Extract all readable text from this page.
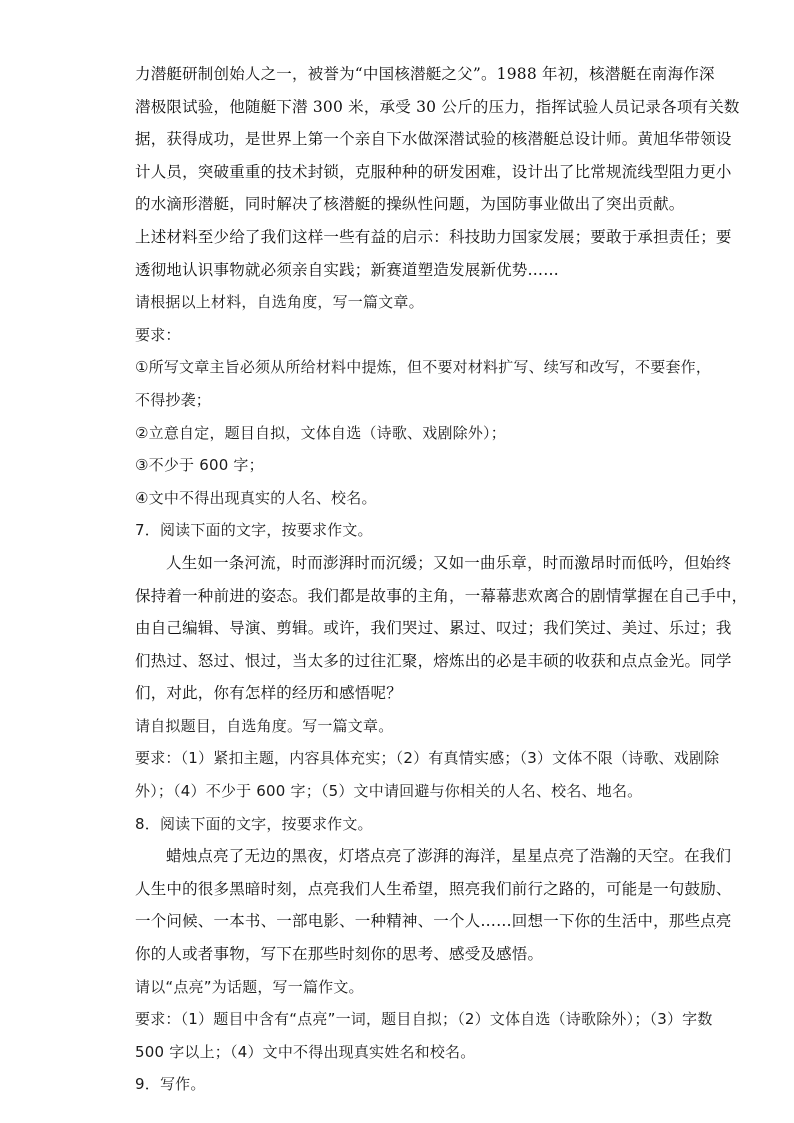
力潜艇研制创始人之一，被誉为“中国核潜艇之父”。1988 年初，核潜艇在南海作深
潜极限试验，他随艇下潜 300 米，承受 30 公斤的压力，指挥试验人员记录各项有关数
据，获得成功，是世界上第一个亲自下水做深潜试验的核潜艇总设计师。黄旭华带领设
计人员，突破重重的技术封锁，克服种种的研发困难，设计出了比常规流线型阻力更小
的水滴形潜艇，同时解决了核潜艇的操纵性问题，为国防事业做出了突出贡献。
上述材料至少给了我们这样一些有益的启示：科技助力国家发展；要敢于承担责任；要
透彻地认识事物就必须亲自实践；新赛道塑造发展新优势……
请根据以上材料，自选角度，写一篇文章。
要求：
①所写文章主旨必须从所给材料中提炼，但不要对材料扩写、续写和改写，不要套作，
不得抄袭；
②立意自定，题目自拟，文体自选（诗歌、戏剧除外）；
③不少于 600 字；
④文中不得出现真实的人名、校名。
7．阅读下面的文字，按要求作文。
人生如一条河流，时而澎湃时而沉缓；又如一曲乐章，时而激昂时而低吟，但始终
保持着一种前进的姿态。我们都是故事的主角，一幕幕悲欢离合的剧情掌握在自己手中，
由自己编辑、导演、剪辑。或许，我们哭过、累过、叹过；我们笑过、美过、乐过；我
们热过、怒过、恨过，当太多的过往汇聚，熔炼出的必是丰硕的收获和点点金光。同学
们，对此，你有怎样的经历和感悟呢？
请自拟题目，自选角度。写一篇文章。
要求：（1）紧扣主题，内容具体充实；（2）有真情实感；（3）文体不限（诗歌、戏剧除
外）；（4）不少于 600 字；（5）文中请回避与你相关的人名、校名、地名。
8．阅读下面的文字，按要求作文。
蜡烛点亮了无边的黑夜，灯塔点亮了澎湃的海洋，星星点亮了浩瀚的天空。在我们
人生中的很多黑暗时刻，点亮我们人生希望，照亮我们前行之路的，可能是一句鼓励、
一个问候、一本书、一部电影、一种精神、一个人……回想一下你的生活中，那些点亮
你的人或者事物，写下在那些时刻你的思考、感受及感悟。
请以“点亮”为话题，写一篇作文。
要求：（1）题目中含有“点亮”一词，题目自拟；（2）文体自选（诗歌除外）；（3）字数
500 字以上；（4）文中不得出现真实姓名和校名。
9．写作。
